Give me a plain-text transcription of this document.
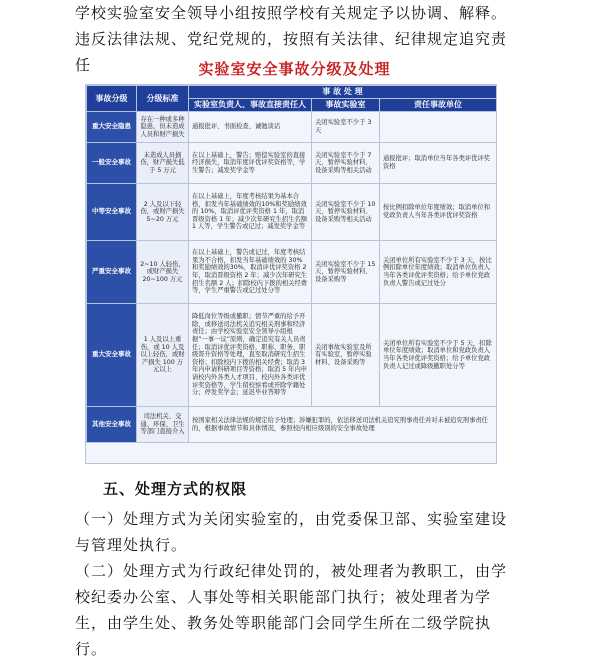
学校实验室安全领导小组按照学校有关规定予以协调、解释。违反法律法规、党纪党规的，按照有关法律、纪律规定追究责任	实验室安全事故分级及处理
事故分级	分级标准	事 故 处 理		
		实验室负责人、事故直接责任人	事故实验室	责任事故单位
重大安全隐患	存在一种或多种隐患，但未造成人员和财产损失	通报批评、书面检查、诫勉谈话	关闭实验室不少于 3 天	
一般安全事故	未造成人员损伤，财产损失低于 5 万元	在以上基础上，警告；赔偿实验室的直接经济损失，取消年度评优评奖资格等，学生警告；减发奖学金等	关闭实验室不少于 7 天，暂停实验材料、设备采购等相关活动	通报批评；取消单位当年各类评优评奖资格
中等安全事故	2 人及以下轻伤，或财产损失 5~20 万元	在以上基础上，年度考核结果为基本合格，扣发当年基础绩效的10%和奖励绩效的 10%，取消评优评奖资格 1 年，取消晋级资格 1 年；减少次年研究生招生名额 1 人等，学生警告或记过；减发奖学金等	关闭实验室不少于 10 天，暂停实验材料、设备采购等相关活动	按比例扣除单位年度绩效；取消单位和党政负责人当年各类评优评奖资格
严重安全事故	2~10 人轻伤，或财产损失 20~100 万元	在以上基础上，警告或记过，年度考核结果为不合格，扣发当年基础绩效的 30%和奖励绩效的30%，取消评优评奖资格 2 年，取消晋级资格 2 年；减少次年研究生招生名额 2 人；扣除校内下拨的相关经费等，学生严重警告或记过处分等	关闭实验室不少于 15 天，暂停实验材料、设备采购等	关闭单位所有实验室不少于 3 天，按比例扣除单位年度绩效；取消单位负责人当年各类评优评奖资格；给予单位党政负责人警告或记过处分
重大安全事故	1 人及以上重伤，或 10 人及以上轻伤，或财产损失 100 万元以上	降低岗位等级或撤职；情节严重的给予开除，或移送司法机关追究相关刑事和经济责任；由学校实验室安全领导小组根据“一事一议”原则，确定追究有关人员责任；取消评优评奖资格，职称、职务、职级晋升资格等处理，直至取消研究生招生资格；扣除校内下拨的相关经费；取消 3 年内申请科研项目等资格；取消 5 年内申请校内外各类人才项目、校内外各类评优评奖资格等，学生留校察看或开除学籍处分；停发奖学金；延迟毕业答辩等	关闭事故实验室及所有实验室，暂停实验材料、设备采购等	关闭单位所有实验室不少于 5 天，扣除单位年度绩效；取消单位和党政负责人当年各类评优评奖资格；给予单位党政负责人记过或降级撤职处分等
其他安全事故	司法机关、交通、环保、卫生等部门直接介入	按国家相关法律法规的规定给予处理；涉嫌犯罪的，依法移送司法机关追究刑事责任并对未被追究刑事责任的，根据事故情节和具体情况，参照校内相应级别的安全事故处理		
五、处理方式的权限
（一）处理方式为关闭实验室的，由党委保卫部、实验室建设与管理处执行。
（二）处理方式为行政纪律处罚的，被处理者为教职工，由学校纪委办公室、人事处等相关职能部门执行；被处理者为学生，由学生处、教务处等职能部门会同学生所在二级学院执行。
